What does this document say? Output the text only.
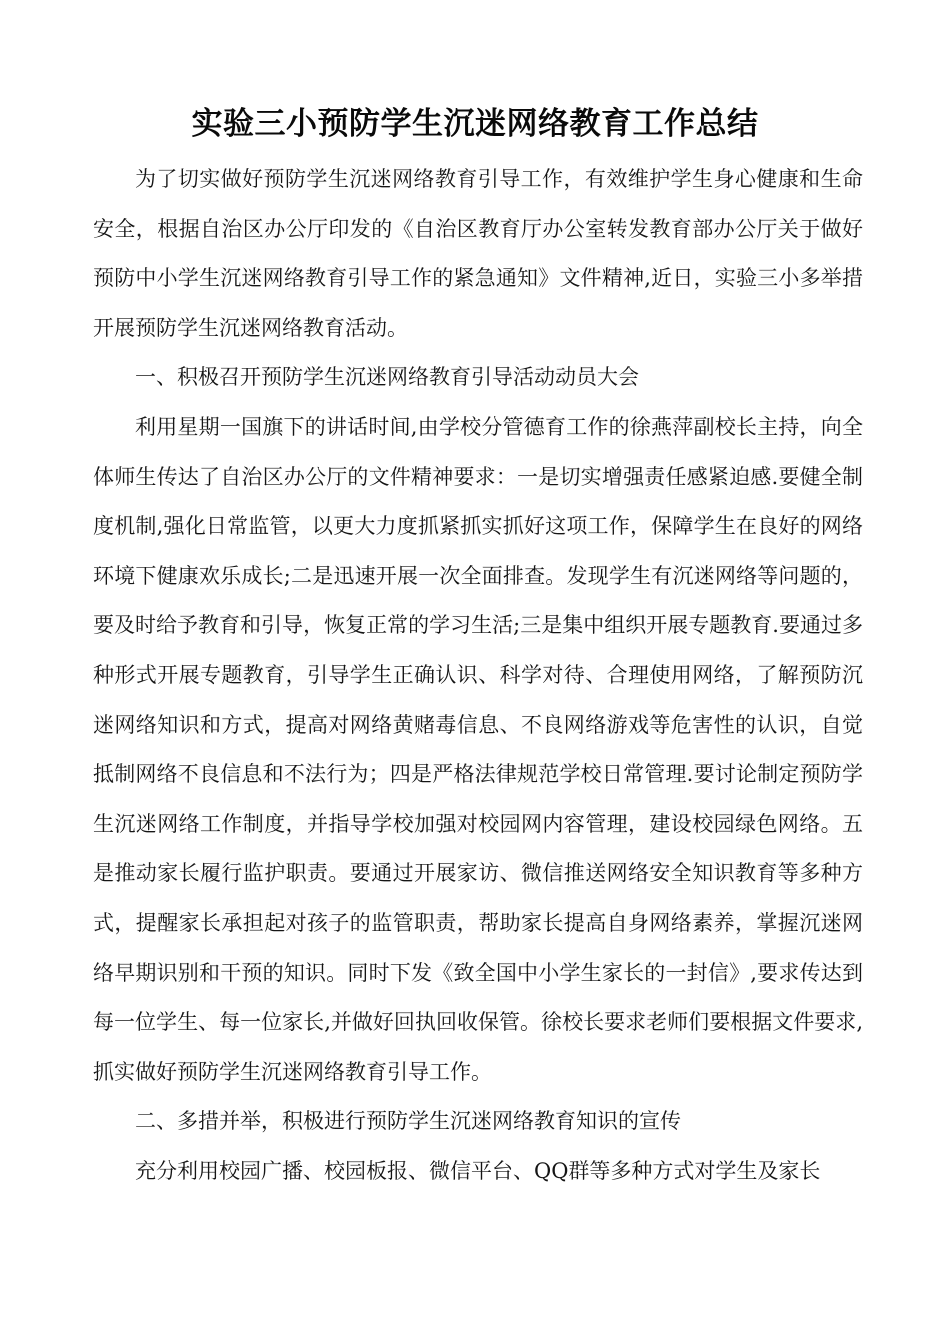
实验三小预防学生沉迷网络教育工作总结

为了切实做好预防学生沉迷网络教育引导工作，有效维护学生身心健康和生命安全，根据自治区办公厅印发的《自治区教育厅办公室转发教育部办公厅关于做好预防中小学生沉迷网络教育引导工作的紧急通知》文件精神,近日，实验三小多举措开展预防学生沉迷网络教育活动。

一、积极召开预防学生沉迷网络教育引导活动动员大会

利用星期一国旗下的讲话时间,由学校分管德育工作的徐燕萍副校长主持，向全体师生传达了自治区办公厅的文件精神要求：一是切实增强责任感紧迫感.要健全制度机制,强化日常监管，以更大力度抓紧抓实抓好这项工作，保障学生在良好的网络环境下健康欢乐成长;二是迅速开展一次全面排查。发现学生有沉迷网络等问题的，要及时给予教育和引导，恢复正常的学习生活;三是集中组织开展专题教育.要通过多种形式开展专题教育，引导学生正确认识、科学对待、合理使用网络，了解预防沉迷网络知识和方式，提高对网络黄赌毒信息、不良网络游戏等危害性的认识，自觉抵制网络不良信息和不法行为；四是严格法律规范学校日常管理.要讨论制定预防学生沉迷网络工作制度，并指导学校加强对校园网内容管理，建设校园绿色网络。五是推动家长履行监护职责。要通过开展家访、微信推送网络安全知识教育等多种方式，提醒家长承担起对孩子的监管职责，帮助家长提高自身网络素养，掌握沉迷网络早期识别和干预的知识。同时下发《致全国中小学生家长的一封信》,要求传达到每一位学生、每一位家长,并做好回执回收保管。徐校长要求老师们要根据文件要求,抓实做好预防学生沉迷网络教育引导工作。

二、多措并举，积极进行预防学生沉迷网络教育知识的宣传

充分利用校园广播、校园板报、微信平台、QQ群等多种方式对学生及家长
